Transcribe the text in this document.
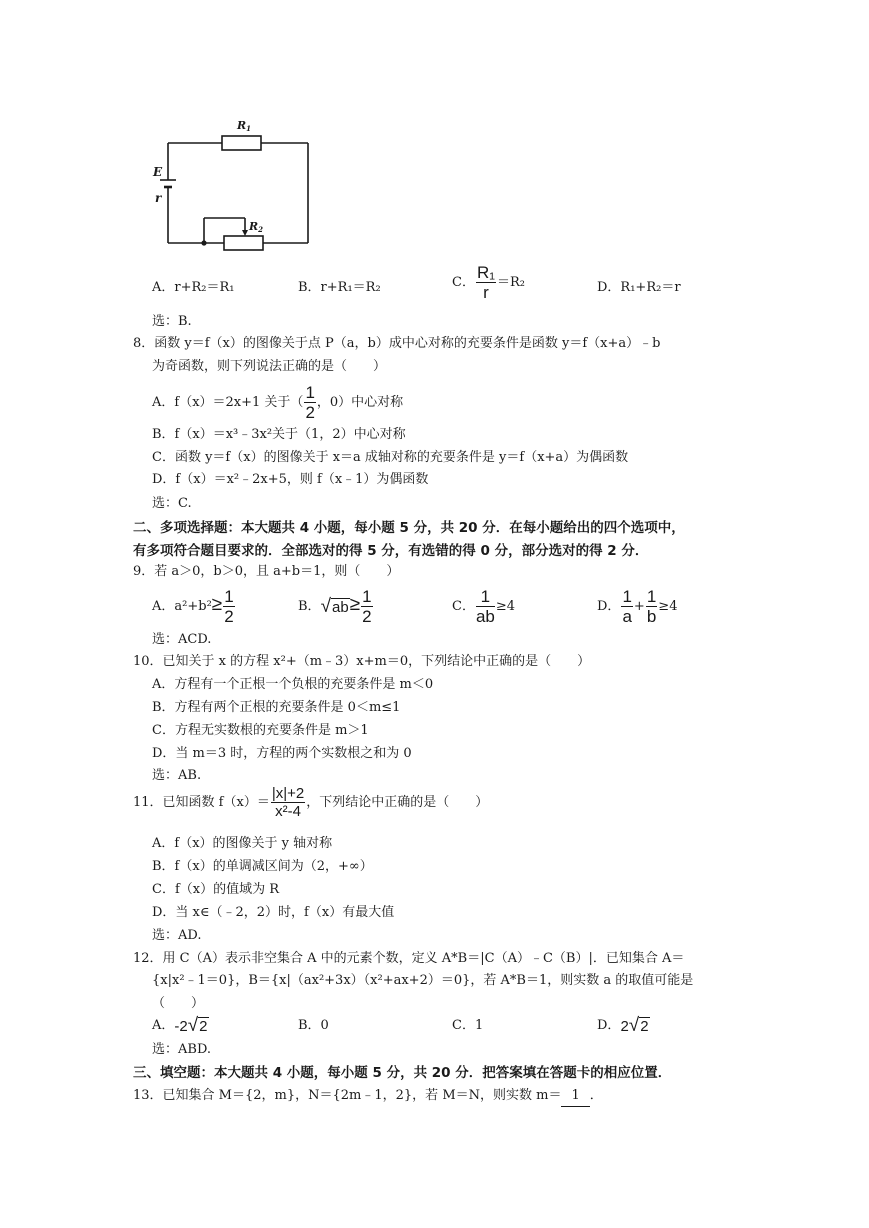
R1
R2
E
r
A．r+R₂＝R₁	B．r+R₁＝R₂	C． $\frac{\text{R₁}}{r} =R_2$	D．R₁+R₂＝r
选：B.
8．函数 y＝f（x）的图像关于点 P（a，b）成中心对称的充要条件是函数 y＝f（x+a）﹣b
为奇函数，则下列说法正确的是（　　）
A．f（x）＝2x+1 关于（ $\frac{1}{2}$ ，0）中心对称
B．f（x）＝x³﹣3x²关于（1，2）中心对称
C．函数 y＝f（x）的图像关于 x＝a 成轴对称的充要条件是 y＝f（x+a）为偶函数
D．f（x）＝x²﹣2x+5，则 f（x﹣1）为偶函数
选：C.
二、多项选择题：本大题共 4 小题，每小题 5 分，共 20 分．在每小题给出的四个选项中，
有多项符合题目要求的．全部选对的得 5 分，有选错的得 0 分，部分选对的得 2 分．
9．若 a＞0，b＞0，且 a+b＝1，则（　　）
A．$a^2+b^2\ge \frac{1}{2}$	B．$√ab\ge \frac{1}{2}$	C． $\frac{1}{ab} \ge 4$	D． $\frac{1}{a} + \frac{1}{b} \ge 4$
选：ACD.
10．已知关于 x 的方程 x²+（m﹣3）x+m＝0，下列结论中正确的是（　　）
A．方程有一个正根一个负根的充要条件是 m＜0
B．方程有两个正根的充要条件是 0＜m≤1
C．方程无实数根的充要条件是 m＞1
D．当 m＝3 时，方程的两个实数根之和为 0
选：AB.
11．已知函数 $f(x)= \frac{|x|+2}{\text{x²-4}}$ ，下列结论中正确的是（　　）
A．f（x）的图像关于 y 轴对称
B．f（x）的单调减区间为（2，+∞）
C．f（x）的值域为 R
D．当 x∈（﹣2，2）时，f（x）有最大值
选：AD.
12．用 C（A）表示非空集合 A 中的元素个数，定义 A*B＝|C（A）﹣C（B）|．已知集合 A＝
{x|x²﹣1＝0}，B＝{x|（ax²+3x）（x²+ax+2）＝0}，若 A*B＝1，则实数 a 的取值可能是
（　　）
A．-2√2	B．0	C．1	D．2√2
选：ABD.
三、填空题：本大题共 4 小题，每小题 5 分，共 20 分．把答案填在答题卡的相应位置．
13．已知集合 M＝{2，m}，N＝{2m﹣1，2}，若 M＝N，则实数 m＝ 1 ．
